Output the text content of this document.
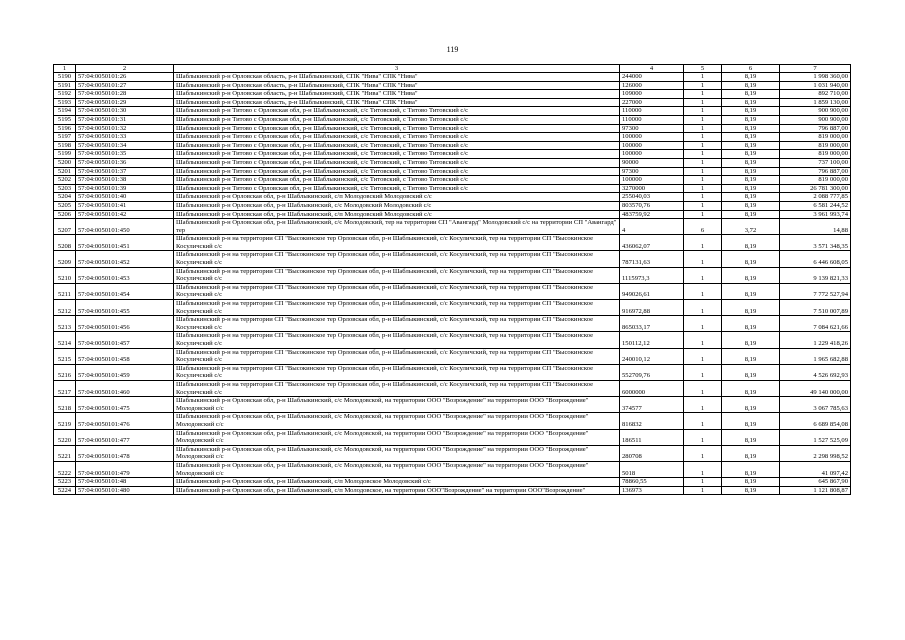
119
1	2	3	4	5	6	7
5190	57:04:0050101:26	Шаблыкинский р-н Орловская область, р-н Шаблыкинский, СПК "Нива" СПК "Нива"	244000	1	8,19	1 998 360,00
5191	57:04:0050101:27	Шаблыкинский р-н Орловская область, р-н Шаблыкинский, СПК "Нива" СПК "Нива"	126000	1	8,19	1 031 940,00
5192	57:04:0050101:28	Шаблыкинский р-н Орловская область, р-н Шаблыкинский, СПК "Нива" СПК "Нива"	109000	1	8,19	892 710,00
5193	57:04:0050101:29	Шаблыкинский р-н Орловская область, р-н Шаблыкинский, СПК "Нива" СПК "Нива"	227000	1	8,19	1 859 130,00
5194	57:04:0050101:30	Шаблыкинский р-н Титово с Орловская обл, р-н Шаблыкинский, с/с Титовский, с Титово Титовский с/с	110000	1	8,19	900 900,00
5195	57:04:0050101:31	Шаблыкинский р-н Титово с Орловская обл, р-н Шаблыкинский, с/с Титовский, с Титово Титовский с/с	110000	1	8,19	900 900,00
5196	57:04:0050101:32	Шаблыкинский р-н Титово с Орловская обл, р-н Шаблыкинский, с/с Титовский, с Титово Титовский с/с	97300	1	8,19	796 887,00
5197	57:04:0050101:33	Шаблыкинский р-н Титово с Орловская обл, р-н Шаблыкинский, с/с Титовский, с Титово Титовский с/с	100000	1	8,19	819 000,00
5198	57:04:0050101:34	Шаблыкинский р-н Титово с Орловская обл, р-н Шаблыкинский, с/с Титовский, с Титово Титовский с/с	100000	1	8,19	819 000,00
5199	57:04:0050101:35	Шаблыкинский р-н Титово с Орловская обл, р-н Шаблыкинский, с/с Титовский, с Титово Титовский с/с	100000	1	8,19	819 000,00
5200	57:04:0050101:36	Шаблыкинский р-н Титово с Орловская обл, р-н Шаблыкинский, с/с Титовский, с Титово Титовский с/с	90000	1	8,19	737 100,00
5201	57:04:0050101:37	Шаблыкинский р-н Титово с Орловская обл, р-н Шаблыкинский, с/с Титовский, с Титово Титовский с/с	97300	1	8,19	796 887,00
5202	57:04:0050101:38	Шаблыкинский р-н Титово с Орловская обл, р-н Шаблыкинский, с/с Титовский, с Титово Титовский с/с	100000	1	8,19	819 000,00
5203	57:04:0050101:39	Шаблыкинский р-н Титово с Орловская обл, р-н Шаблыкинский, с/с Титовский, с Титово Титовский с/с	3270000	1	8,19	26 781 300,00
5204	57:04:0050101:40	Шаблыкинский р-н Орловская обл, р-н Шаблыкинский, с/п Молодовский Молодовский с/с	255040,03	1	8,19	2 088 777,85
5205	57:04:0050101:41	Шаблыкинский р-н Орловская обл, р-н Шаблыкинский, с/с Молодовский Молодовский с/с	803570,76	1	8,19	6 581 244,52
5206	57:04:0050101:42	Шаблыкинский р-н Орловская обл, р-н Шаблыкинский, с/п Молодовский Молодовский с/с	483759,92	1	8,19	3 961 993,74
5207	57:04:0050101:450	Шаблыкинский р-н Орловская обл, р-н Шаблыкинский, с/с Молодовский, тер на территории СП "Авангард" Молодовский с/с на территории СП "Авангард" тер	4	6	3,72	14,88
5208	57:04:0050101:451	Шаблыкинский р-н на территории СП "Высокинское тер Орловская обл, р-н Шаблыкинский, с/с Косуличский, тер на территории СП "Высокинское Косуличский с/с	436062,07	1	8,19	3 571 348,35
5209	57:04:0050101:452	Шаблыкинский р-н на территории СП "Высокинское тер Орловская обл, р-н Шаблыкинский, с/с Косуличский, тер на территории СП "Высокинское Косуличский с/с	787131,63	1	8,19	6 446 608,05
5210	57:04:0050101:453	Шаблыкинский р-н на территории СП "Высокинское тер Орловская обл, р-н Шаблыкинский, с/с Косуличский, тер на территории СП "Высокинское Косуличский с/с	1115973,3	1	8,19	9 139 821,33
5211	57:04:0050101:454	Шаблыкинский р-н на территории СП "Высокинское тер Орловская обл, р-н Шаблыкинский, с/с Косуличский, тер на территории СП "Высокинское Косуличский с/с	949026,61	1	8,19	7 772 527,94
5212	57:04:0050101:455	Шаблыкинский р-н на территории СП "Высокинское тер Орловская обл, р-н Шаблыкинский, с/с Косуличский, тер на территории СП "Высокинское Косуличский с/с	916972,88	1	8,19	7 510 007,89
5213	57:04:0050101:456	Шаблыкинский р-н на территории СП "Высокинское тер Орловская обл, р-н Шаблыкинский, с/с Косуличский, тер на территории СП "Высокинское Косуличский с/с	865033,17	1	8,19	7 084 621,66
5214	57:04:0050101:457	Шаблыкинский р-н на территории СП "Высокинское тер Орловская обл, р-н Шаблыкинский, с/с Косуличский, тер на территории СП "Высокинское Косуличский с/с	150112,12	1	8,19	1 229 418,26
5215	57:04:0050101:458	Шаблыкинский р-н на территории СП "Высокинское тер Орловская обл, р-н Шаблыкинский, с/с Косуличский, тер на территории СП "Высокинское Косуличский с/с	240010,12	1	8,19	1 965 682,88
5216	57:04:0050101:459	Шаблыкинский р-н на территории СП "Высокинское тер Орловская обл, р-н Шаблыкинский, с/с Косуличский, тер на территории СП "Высокинское Косуличский с/с	552709,76	1	8,19	4 526 692,93
5217	57:04:0050101:460	Шаблыкинский р-н на территории СП "Высокинское тер Орловская обл, р-н Шаблыкинский, с/с Косуличский, тер на территории СП "Высокинское Косуличский с/с	6000000	1	8,19	49 140 000,00
5218	57:04:0050101:475	Шаблыкинский р-н Орловская обл, р-н Шаблыкинский, с/с Молодовской, на территории ООО "Возрождение" на территории ООО "Возрождение" Молодовский с/с	374577	1	8,19	3 067 785,63
5219	57:04:0050101:476	Шаблыкинский р-н Орловская обл, р-н Шаблыкинский, с/с Молодовской, на территории ООО "Возрождение" на территории ООО "Возрождение" Молодовский с/с	816832	1	8,19	6 689 854,08
5220	57:04:0050101:477	Шаблыкинский р-н Орловская обл, р-н Шаблыкинский, с/с Молодовской, на территории ООО "Возрождение" на территории ООО "Возрождение" Молодовский с/с	186511	1	8,19	1 527 525,09
5221	57:04:0050101:478	Шаблыкинский р-н Орловская обл, р-н Шаблыкинский, с/с Молодовской, на территории ООО "Возрождение" на территории ООО "Возрождение" Молодовский с/с	280708	1	8,19	2 298 998,52
5222	57:04:0050101:479	Шаблыкинский р-н Орловская обл, р-н Шаблыкинский, с/с Молодовской, на территории ООО "Возрождение" на территории ООО "Возрождение" Молодовский с/с	5018	1	8,19	41 097,42
5223	57:04:0050101:48	Шаблыкинский р-н Орловская обл, р-н Шаблыкинский, с/п Молодовское Молодовский с/с	78860,55	1	8,19	645 867,90
5224	57:04:0050101:480	Шаблыкинский р-н Орловская обл, р-н Шаблыкинский, с/п Молодовское, на территории ООО"Возрождение" на территории ООО"Возрождение"	136973	1	8,19	1 121 808,87
